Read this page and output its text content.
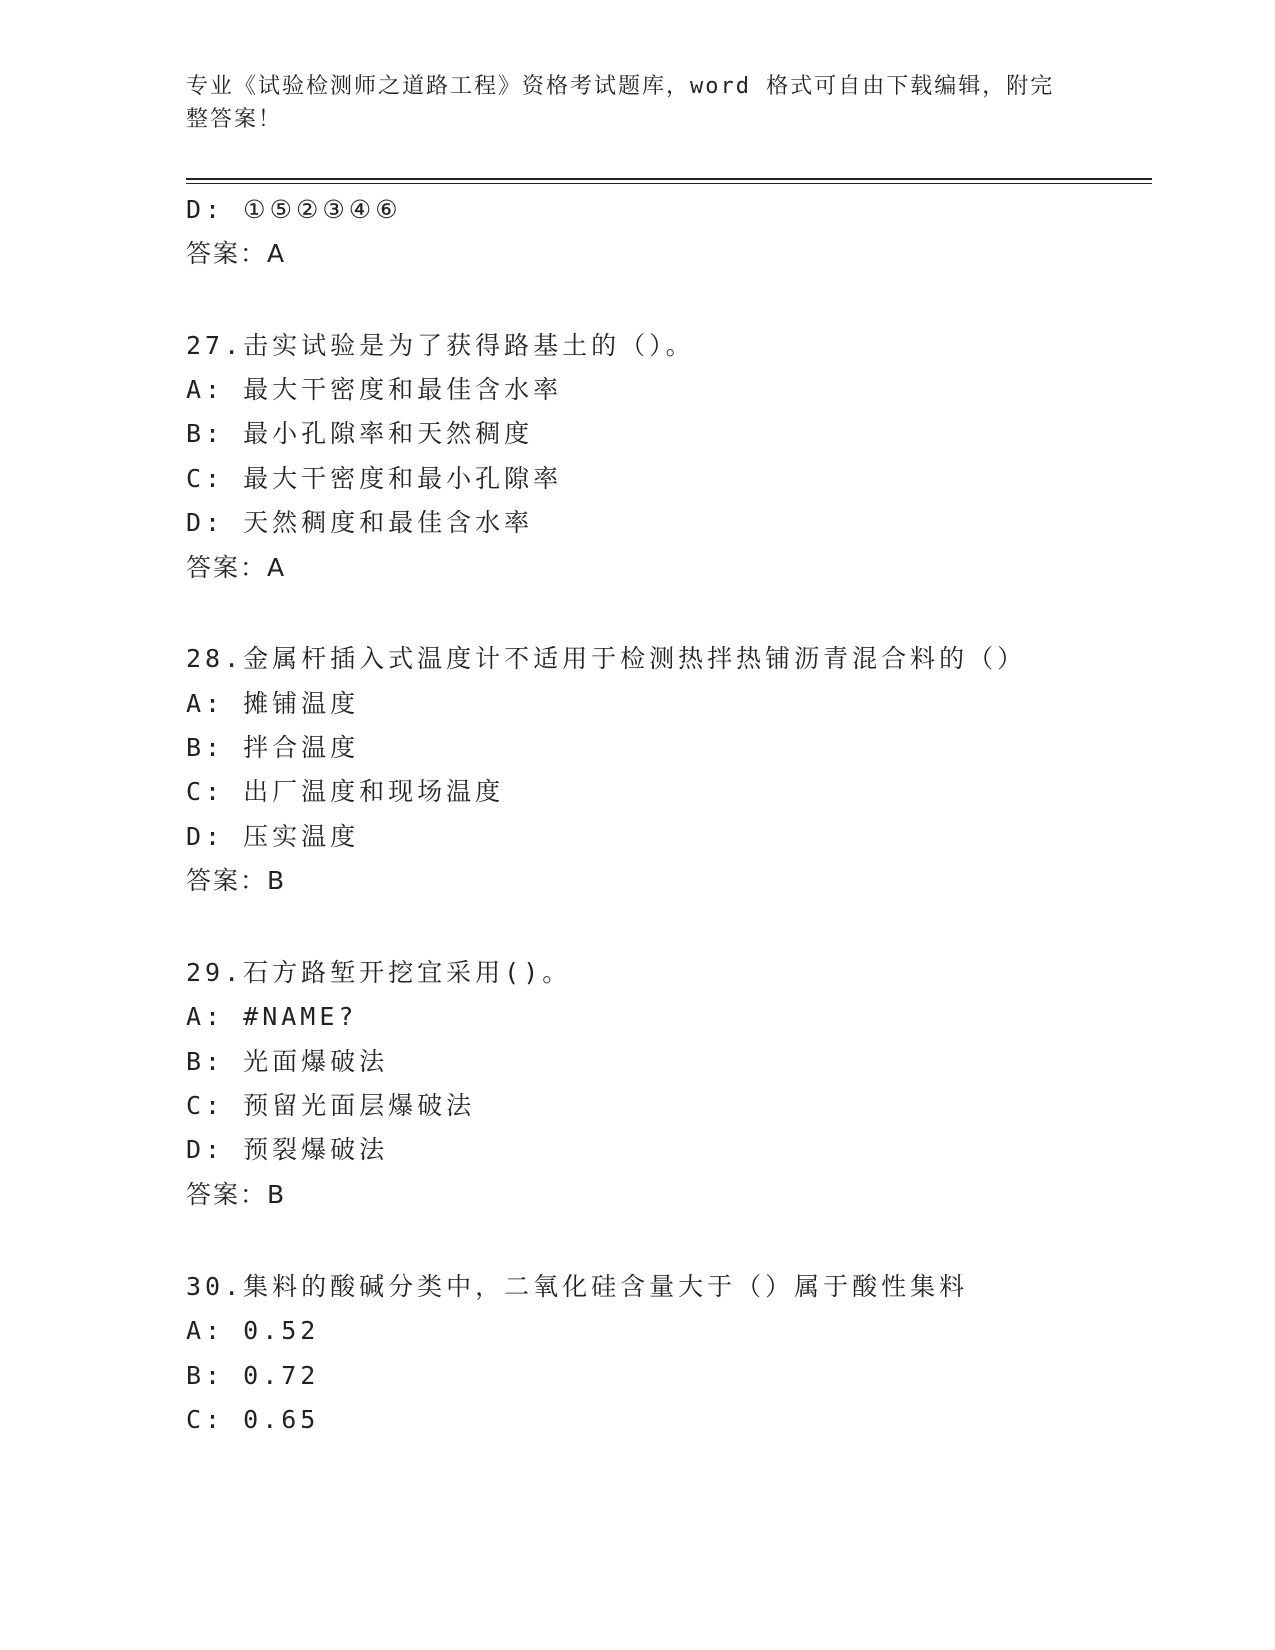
专业《试验检测师之道路工程》资格考试题库，word 格式可自由下载编辑，附完整答案！
D: ①⑤②③④⑥
答案：A
27.击实试验是为了获得路基土的（）。
A: 最大干密度和最佳含水率
B: 最小孔隙率和天然稠度
C: 最大干密度和最小孔隙率
D: 天然稠度和最佳含水率
答案：A
28.金属杆插入式温度计不适用于检测热拌热铺沥青混合料的（）
A: 摊铺温度
B: 拌合温度
C: 出厂温度和现场温度
D: 压实温度
答案：B
29.石方路堑开挖宜采用()。
A: #NAME?
B: 光面爆破法
C: 预留光面层爆破法
D: 预裂爆破法
答案：B
30.集料的酸碱分类中，二氧化硅含量大于（）属于酸性集料
A: 0.52
B: 0.72
C: 0.65
